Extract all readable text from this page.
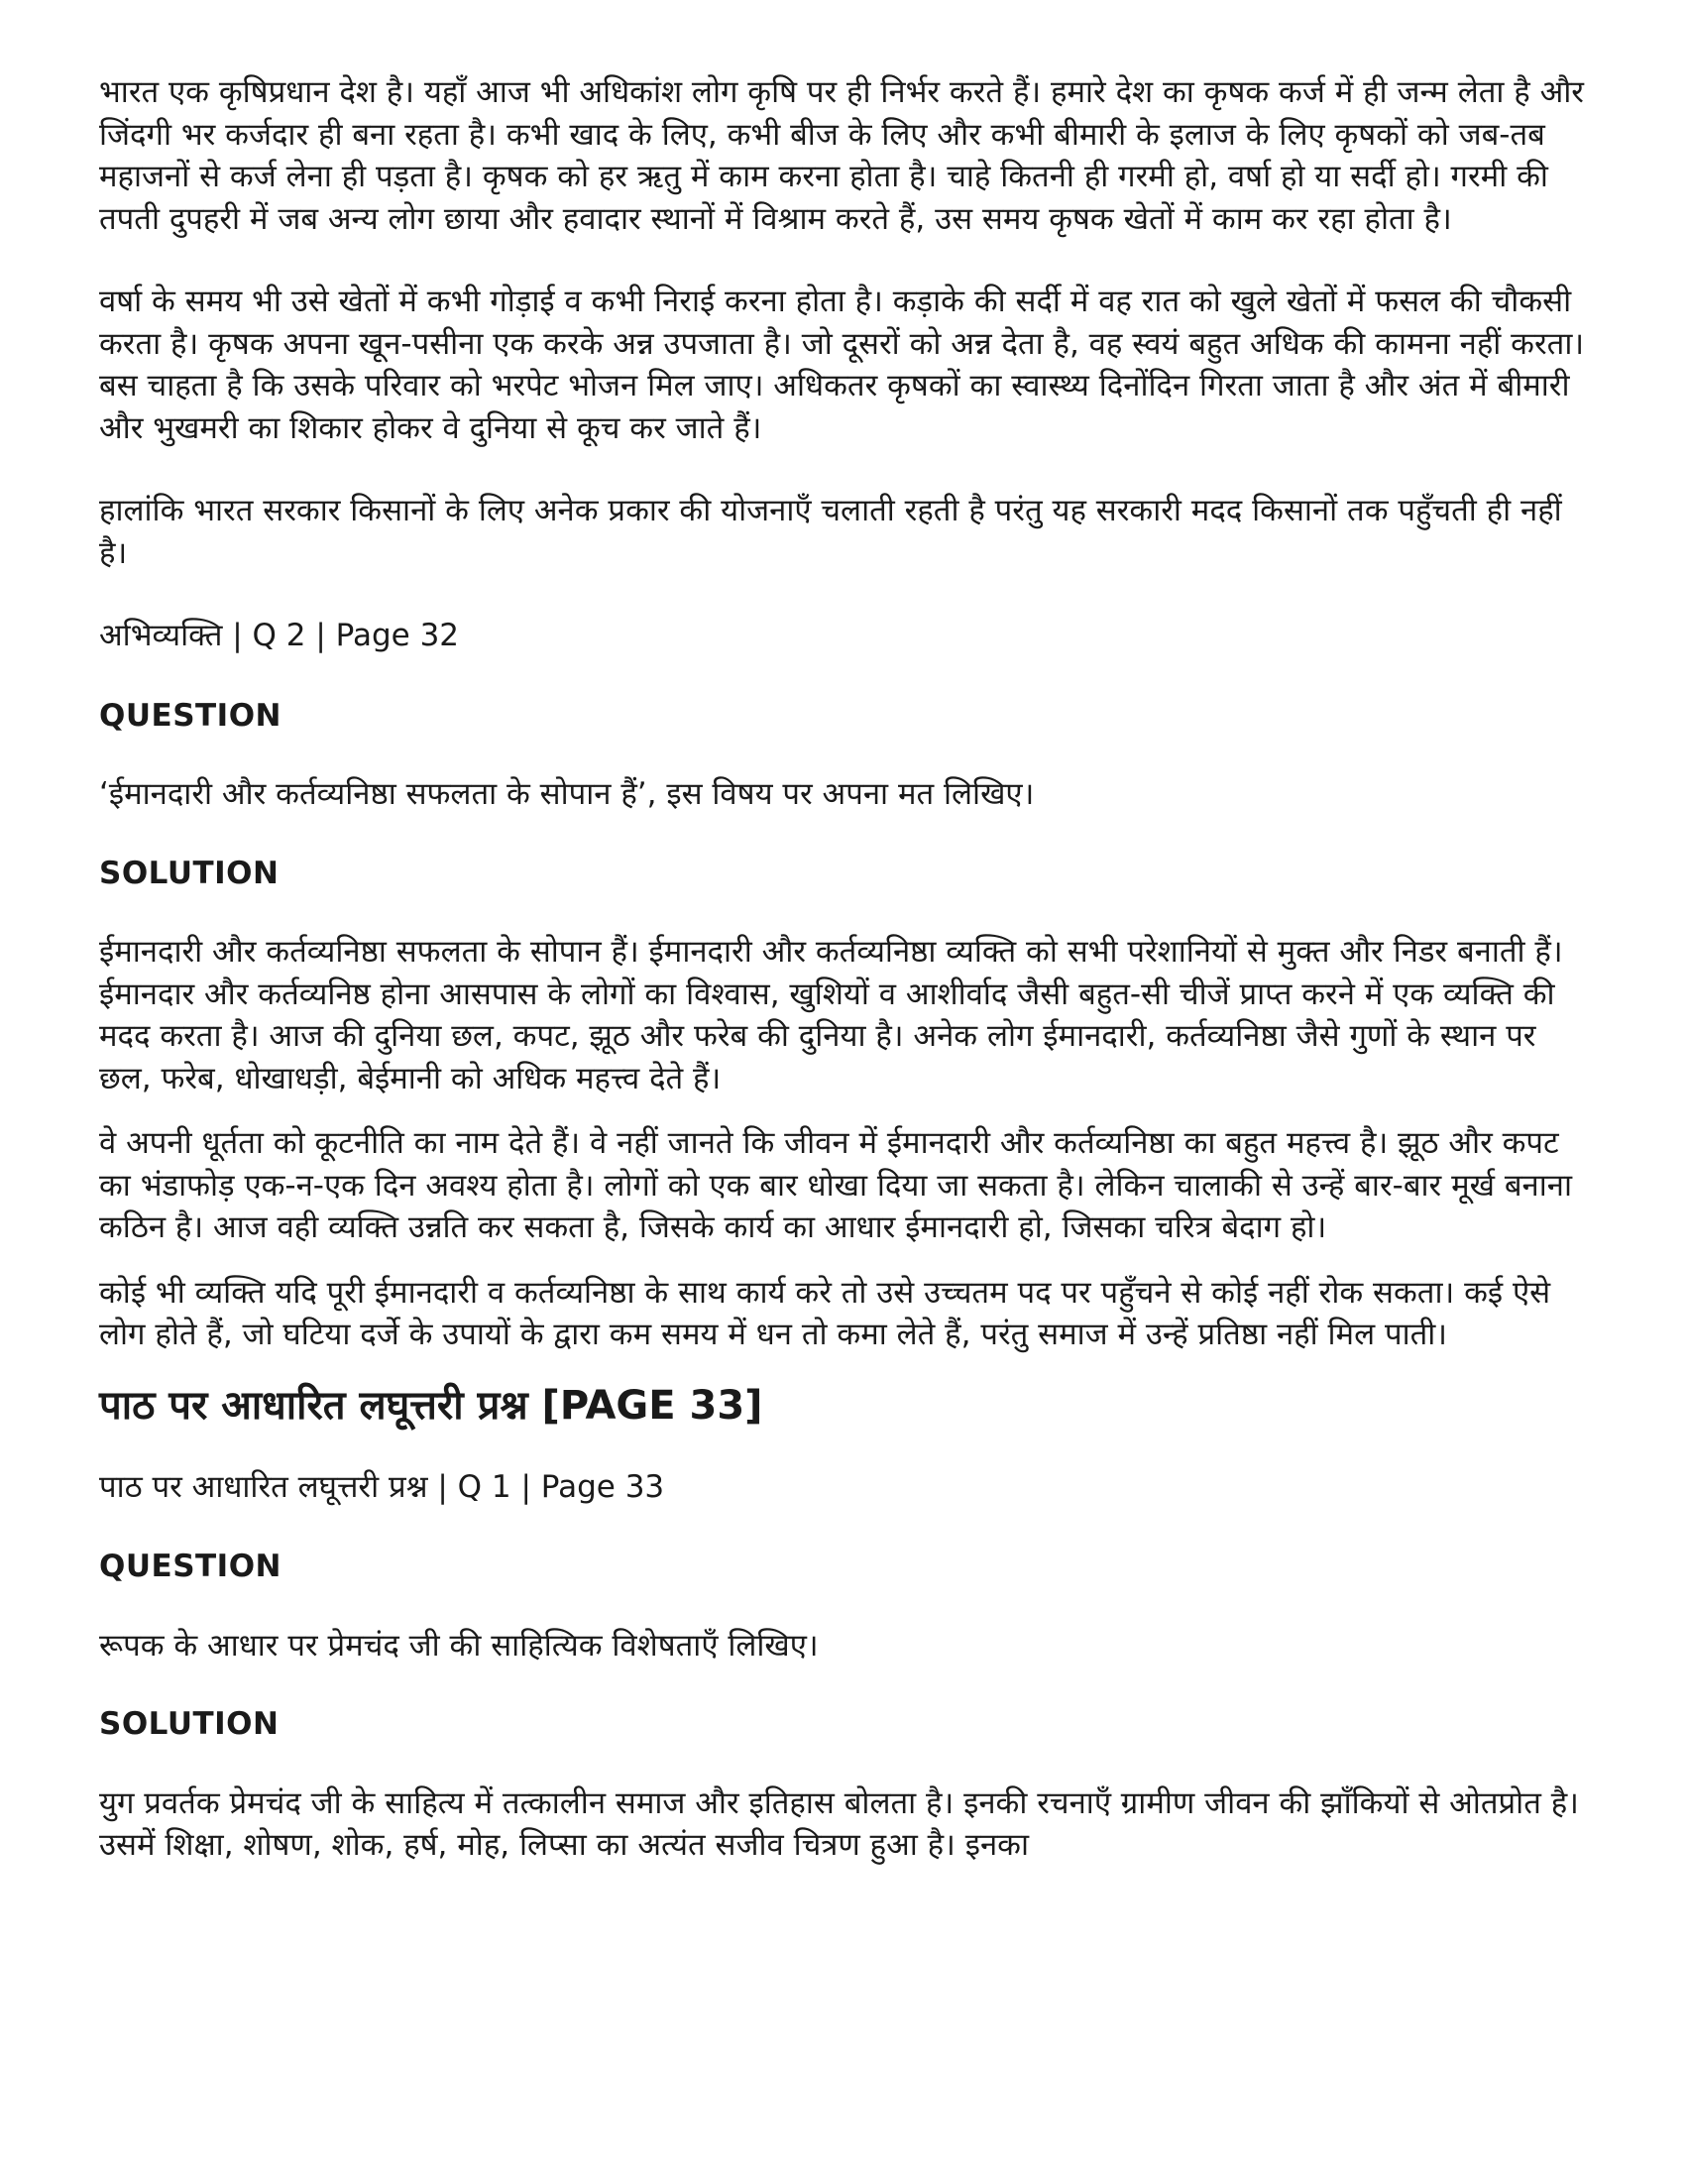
भारत एक कृषिप्रधान देश है। यहाँ आज भी अधिकांश लोग कृषि पर ही निर्भर करते हैं। हमारे देश का कृषक कर्ज में ही जन्म लेता है और जिंदगी भर कर्जदार ही बना रहता है। कभी खाद के लिए, कभी बीज के लिए और कभी बीमारी के इलाज के लिए कृषकों को जब-तब महाजनों से कर्ज लेना ही पड़ता है। कृषक को हर ऋतु में काम करना होता है। चाहे कितनी ही गरमी हो, वर्षा हो या सर्दी हो। गरमी की तपती दुपहरी में जब अन्य लोग छाया और हवादार स्थानों में विश्राम करते हैं, उस समय कृषक खेतों में काम कर रहा होता है।

वर्षा के समय भी उसे खेतों में कभी गोड़ाई व कभी निराई करना होता है। कड़ाके की सर्दी में वह रात को खुले खेतों में फसल की चौकसी करता है। कृषक अपना खून-पसीना एक करके अन्न उपजाता है। जो दूसरों को अन्न देता है, वह स्वयं बहुत अधिक की कामना नहीं करता। बस चाहता है कि उसके परिवार को भरपेट भोजन मिल जाए। अधिकतर कृषकों का स्वास्थ्य दिनोंदिन गिरता जाता है और अंत में बीमारी और भुखमरी का शिकार होकर वे दुनिया से कूच कर जाते हैं।

हालांकि भारत सरकार किसानों के लिए अनेक प्रकार की योजनाएँ चलाती रहती है परंतु यह सरकारी मदद किसानों तक पहुँचती ही नहीं है।

अभिव्यक्ति | Q 2 | Page 32

QUESTION

‘ईमानदारी और कर्तव्यनिष्ठा सफलता के सोपान हैं’, इस विषय पर अपना मत लिखिए।

SOLUTION

ईमानदारी और कर्तव्यनिष्ठा सफलता के सोपान हैं। ईमानदारी और कर्तव्यनिष्ठा व्यक्ति को सभी परेशानियों से मुक्त और निडर बनाती हैं। ईमानदार और कर्तव्यनिष्ठ होना आसपास के लोगों का विश्वास, खुशियों व आशीर्वाद जैसी बहुत-सी चीजें प्राप्त करने में एक व्यक्ति की मदद करता है। आज की दुनिया छल, कपट, झूठ और फरेब की दुनिया है। अनेक लोग ईमानदारी, कर्तव्यनिष्ठा जैसे गुणों के स्थान पर छल, फरेब, धोखाधड़ी, बेईमानी को अधिक महत्त्व देते हैं।

वे अपनी धूर्तता को कूटनीति का नाम देते हैं। वे नहीं जानते कि जीवन में ईमानदारी और कर्तव्यनिष्ठा का बहुत महत्त्व है। झूठ और कपट का भंडाफोड़ एक-न-एक दिन अवश्य होता है। लोगों को एक बार धोखा दिया जा सकता है। लेकिन चालाकी से उन्हें बार-बार मूर्ख बनाना कठिन है। आज वही व्यक्ति उन्नति कर सकता है, जिसके कार्य का आधार ईमानदारी हो, जिसका चरित्र बेदाग हो।

कोई भी व्यक्ति यदि पूरी ईमानदारी व कर्तव्यनिष्ठा के साथ कार्य करे तो उसे उच्चतम पद पर पहुँचने से कोई नहीं रोक सकता। कई ऐसे लोग होते हैं, जो घटिया दर्जे के उपायों के द्वारा कम समय में धन तो कमा लेते हैं, परंतु समाज में उन्हें प्रतिष्ठा नहीं मिल पाती।

पाठ पर आधारित लघूत्तरी प्रश्न [PAGE 33]

पाठ पर आधारित लघूत्तरी प्रश्न | Q 1 | Page 33

QUESTION

रूपक के आधार पर प्रेमचंद जी की साहित्यिक विशेषताएँ लिखिए।

SOLUTION

युग प्रवर्तक प्रेमचंद जी के साहित्य में तत्कालीन समाज और इतिहास बोलता है। इनकी रचनाएँ ग्रामीण जीवन की झाँकियों से ओतप्रोत है। उसमें शिक्षा, शोषण, शोक, हर्ष, मोह, लिप्सा का अत्यंत सजीव चित्रण हुआ है। इनका
